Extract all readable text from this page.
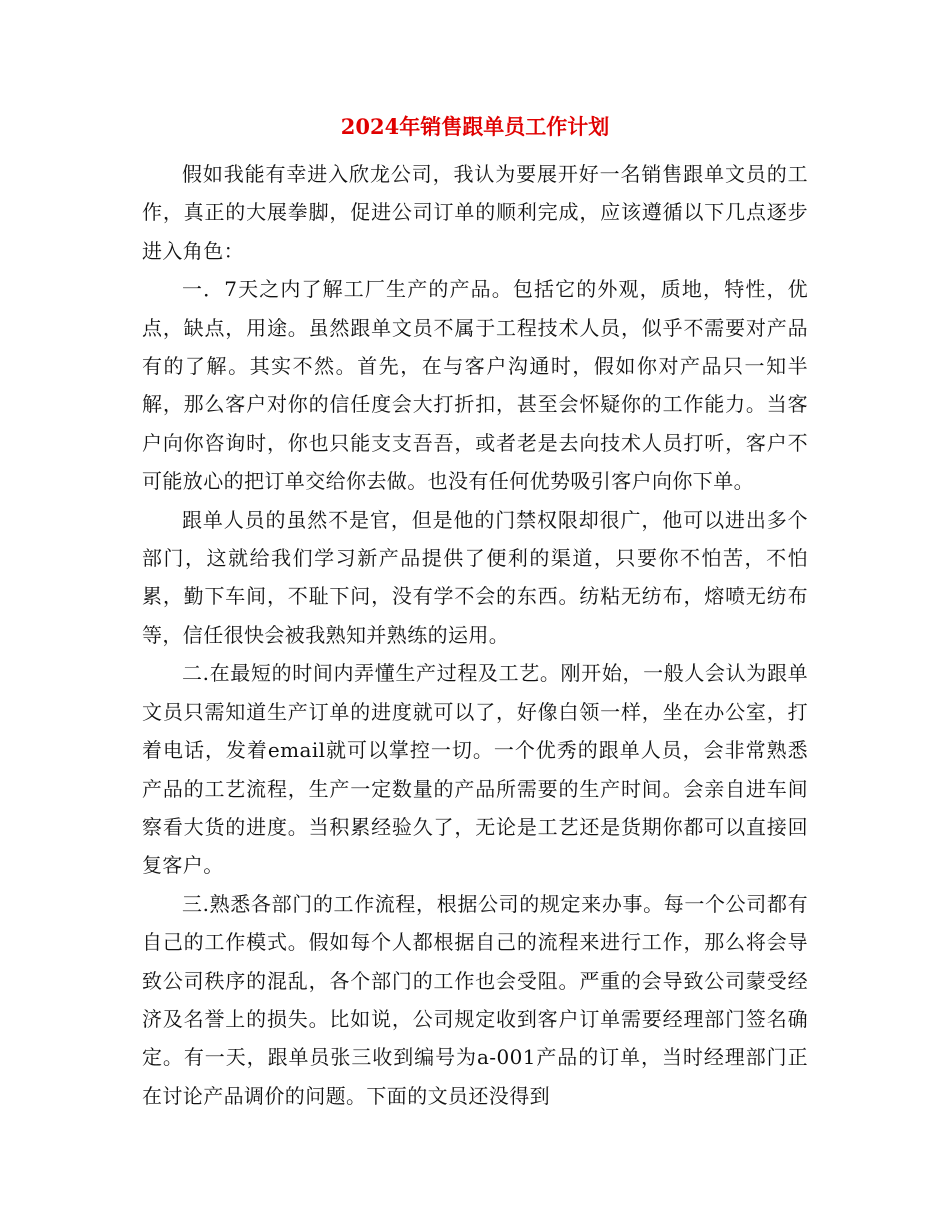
2024年销售跟单员工作计划

假如我能有幸进入欣龙公司，我认为要展开好一名销售跟单文员的工作，真正的大展拳脚，促进公司订单的顺利完成，应该遵循以下几点逐步进入角色：

一．7天之内了解工厂生产的产品。包括它的外观，质地，特性，优点，缺点，用途。虽然跟单文员不属于工程技术人员，似乎不需要对产品有的了解。其实不然。首先，在与客户沟通时，假如你对产品只一知半解，那么客户对你的信任度会大打折扣，甚至会怀疑你的工作能力。当客户向你咨询时，你也只能支支吾吾，或者老是去向技术人员打听，客户不可能放心的把订单交给你去做。也没有任何优势吸引客户向你下单。

跟单人员的虽然不是官，但是他的门禁权限却很广，他可以进出多个部门，这就给我们学习新产品提供了便利的渠道，只要你不怕苦，不怕累，勤下车间，不耻下问，没有学不会的东西。纺粘无纺布，熔喷无纺布等，信任很快会被我熟知并熟练的运用。

二.在最短的时间内弄懂生产过程及工艺。刚开始，一般人会认为跟单文员只需知道生产订单的进度就可以了，好像白领一样，坐在办公室，打着电话，发着email就可以掌控一切。一个优秀的跟单人员，会非常熟悉产品的工艺流程，生产一定数量的产品所需要的生产时间。会亲自进车间察看大货的进度。当积累经验久了，无论是工艺还是货期你都可以直接回复客户。

三.熟悉各部门的工作流程，根据公司的规定来办事。每一个公司都有自己的工作模式。假如每个人都根据自己的流程来进行工作，那么将会导致公司秩序的混乱，各个部门的工作也会受阻。严重的会导致公司蒙受经济及名誉上的损失。比如说，公司规定收到客户订单需要经理部门签名确定。有一天，跟单员张三收到编号为a-001产品的订单，当时经理部门正在讨论产品调价的问题。下面的文员还没得到
